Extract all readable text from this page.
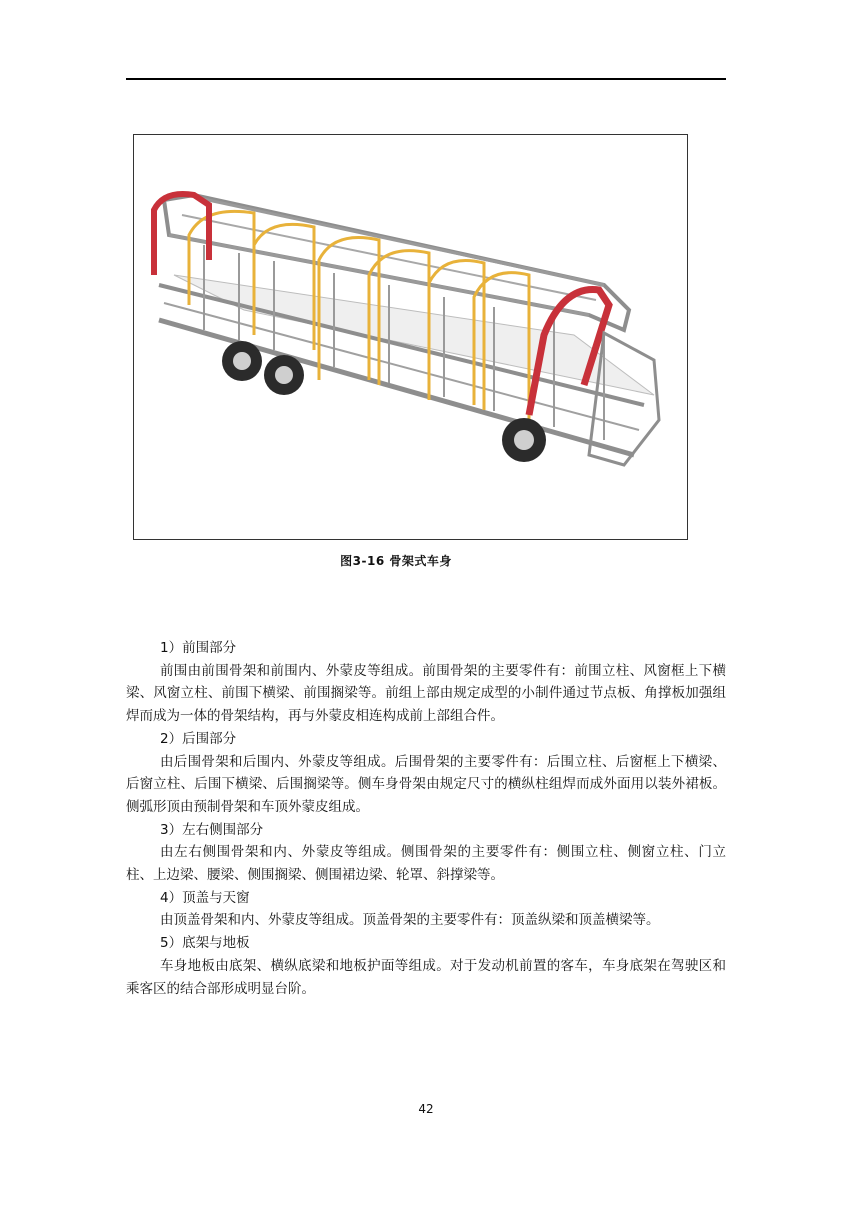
图3-16 骨架式车身

1）前围部分

前围由前围骨架和前围内、外蒙皮等组成。前围骨架的主要零件有：前围立柱、风窗框上下横梁、风窗立柱、前围下横梁、前围搁梁等。前组上部由规定成型的小制件通过节点板、角撑板加强组焊而成为一体的骨架结构，再与外蒙皮相连构成前上部组合件。

2）后围部分

由后围骨架和后围内、外蒙皮等组成。后围骨架的主要零件有：后围立柱、后窗框上下横梁、后窗立柱、后围下横梁、后围搁梁等。侧车身骨架由规定尺寸的横纵柱组焊而成外面用以装外裙板。侧弧形顶由预制骨架和车顶外蒙皮组成。

3）左右侧围部分

由左右侧围骨架和内、外蒙皮等组成。侧围骨架的主要零件有：侧围立柱、侧窗立柱、门立柱、上边梁、腰梁、侧围搁梁、侧围裙边梁、轮罩、斜撑梁等。

4）顶盖与天窗

由顶盖骨架和内、外蒙皮等组成。顶盖骨架的主要零件有：顶盖纵梁和顶盖横梁等。

5）底架与地板

车身地板由底架、横纵底梁和地板护面等组成。对于发动机前置的客车，车身底架在驾驶区和乘客区的结合部形成明显台阶。

42
